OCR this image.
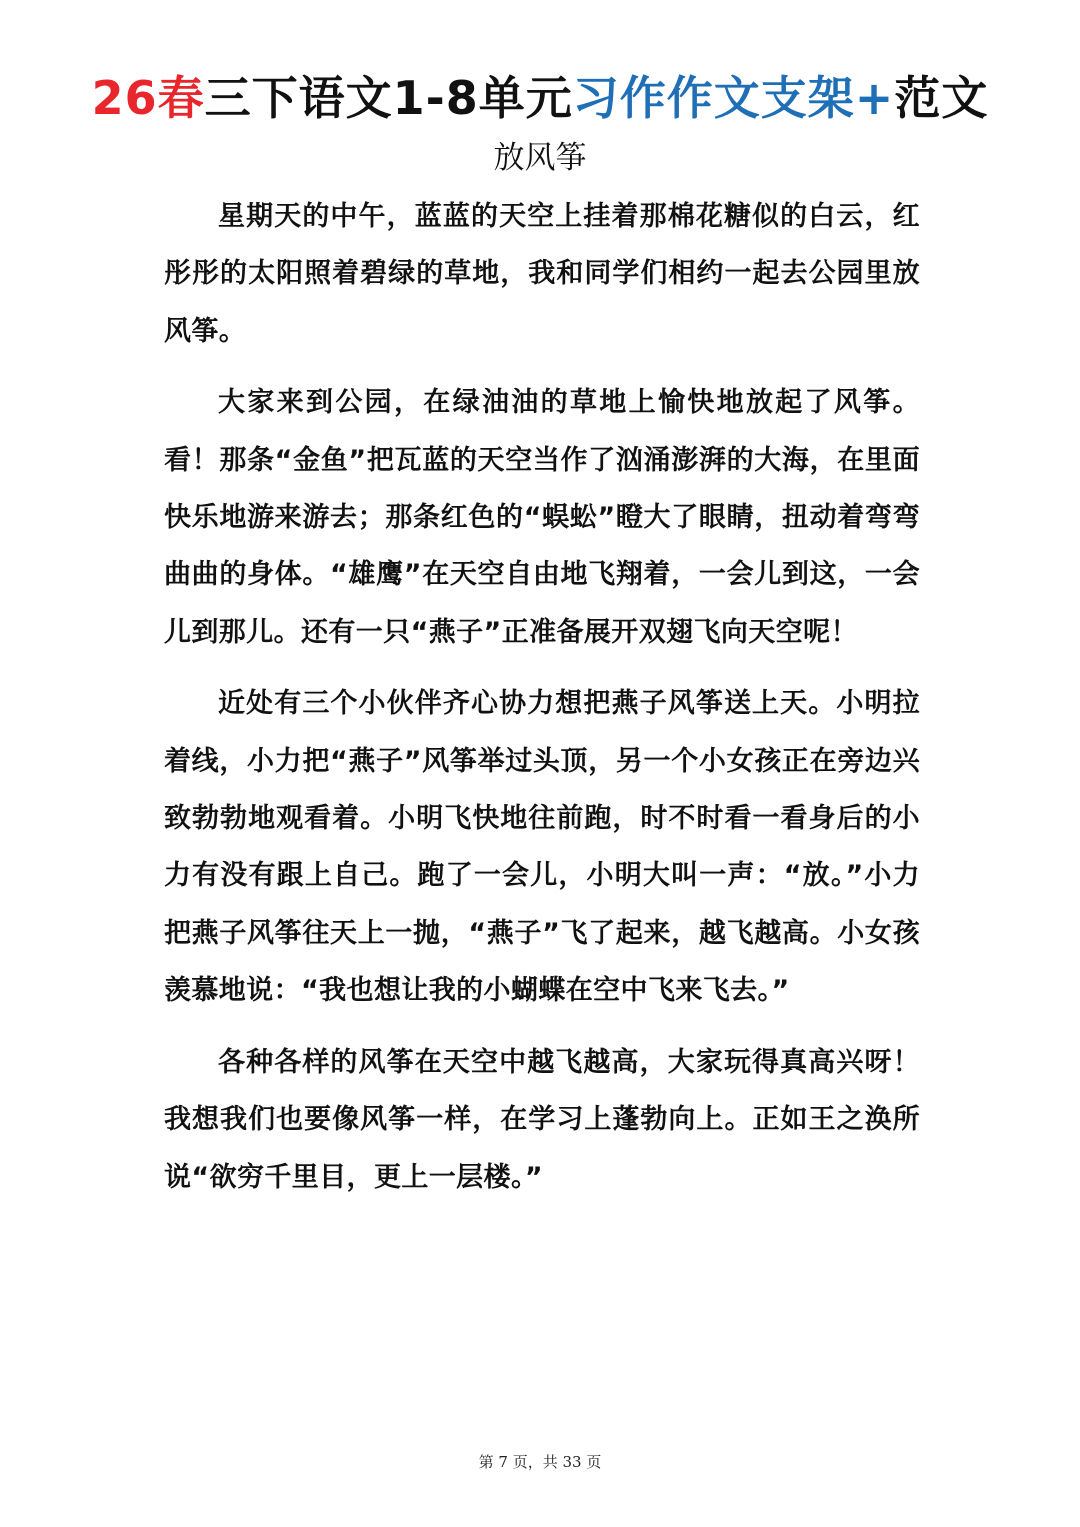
26春三下语文1-8单元习作作文支架+范文
放风筝

星期天的中午，蓝蓝的天空上挂着那棉花糖似的白云，红彤彤的太阳照着碧绿的草地，我和同学们相约一起去公园里放风筝。

大家来到公园，在绿油油的草地上愉快地放起了风筝。看！那条“金鱼”把瓦蓝的天空当作了汹涌澎湃的大海，在里面快乐地游来游去；那条红色的“蜈蚣”瞪大了眼睛，扭动着弯弯曲曲的身体。“雄鹰”在天空自由地飞翔着，一会儿到这，一会儿到那儿。还有一只“燕子”正准备展开双翅飞向天空呢！

近处有三个小伙伴齐心协力想把燕子风筝送上天。小明拉着线，小力把“燕子”风筝举过头顶，另一个小女孩正在旁边兴致勃勃地观看着。小明飞快地往前跑，时不时看一看身后的小力有没有跟上自己。跑了一会儿，小明大叫一声：“放。”小力把燕子风筝往天上一抛，“燕子”飞了起来，越飞越高。小女孩羡慕地说：“我也想让我的小蝴蝶在空中飞来飞去。”

各种各样的风筝在天空中越飞越高，大家玩得真高兴呀！我想我们也要像风筝一样，在学习上蓬勃向上。正如王之涣所说“欲穷千里目，更上一层楼。”

第 7 页，共 33 页
